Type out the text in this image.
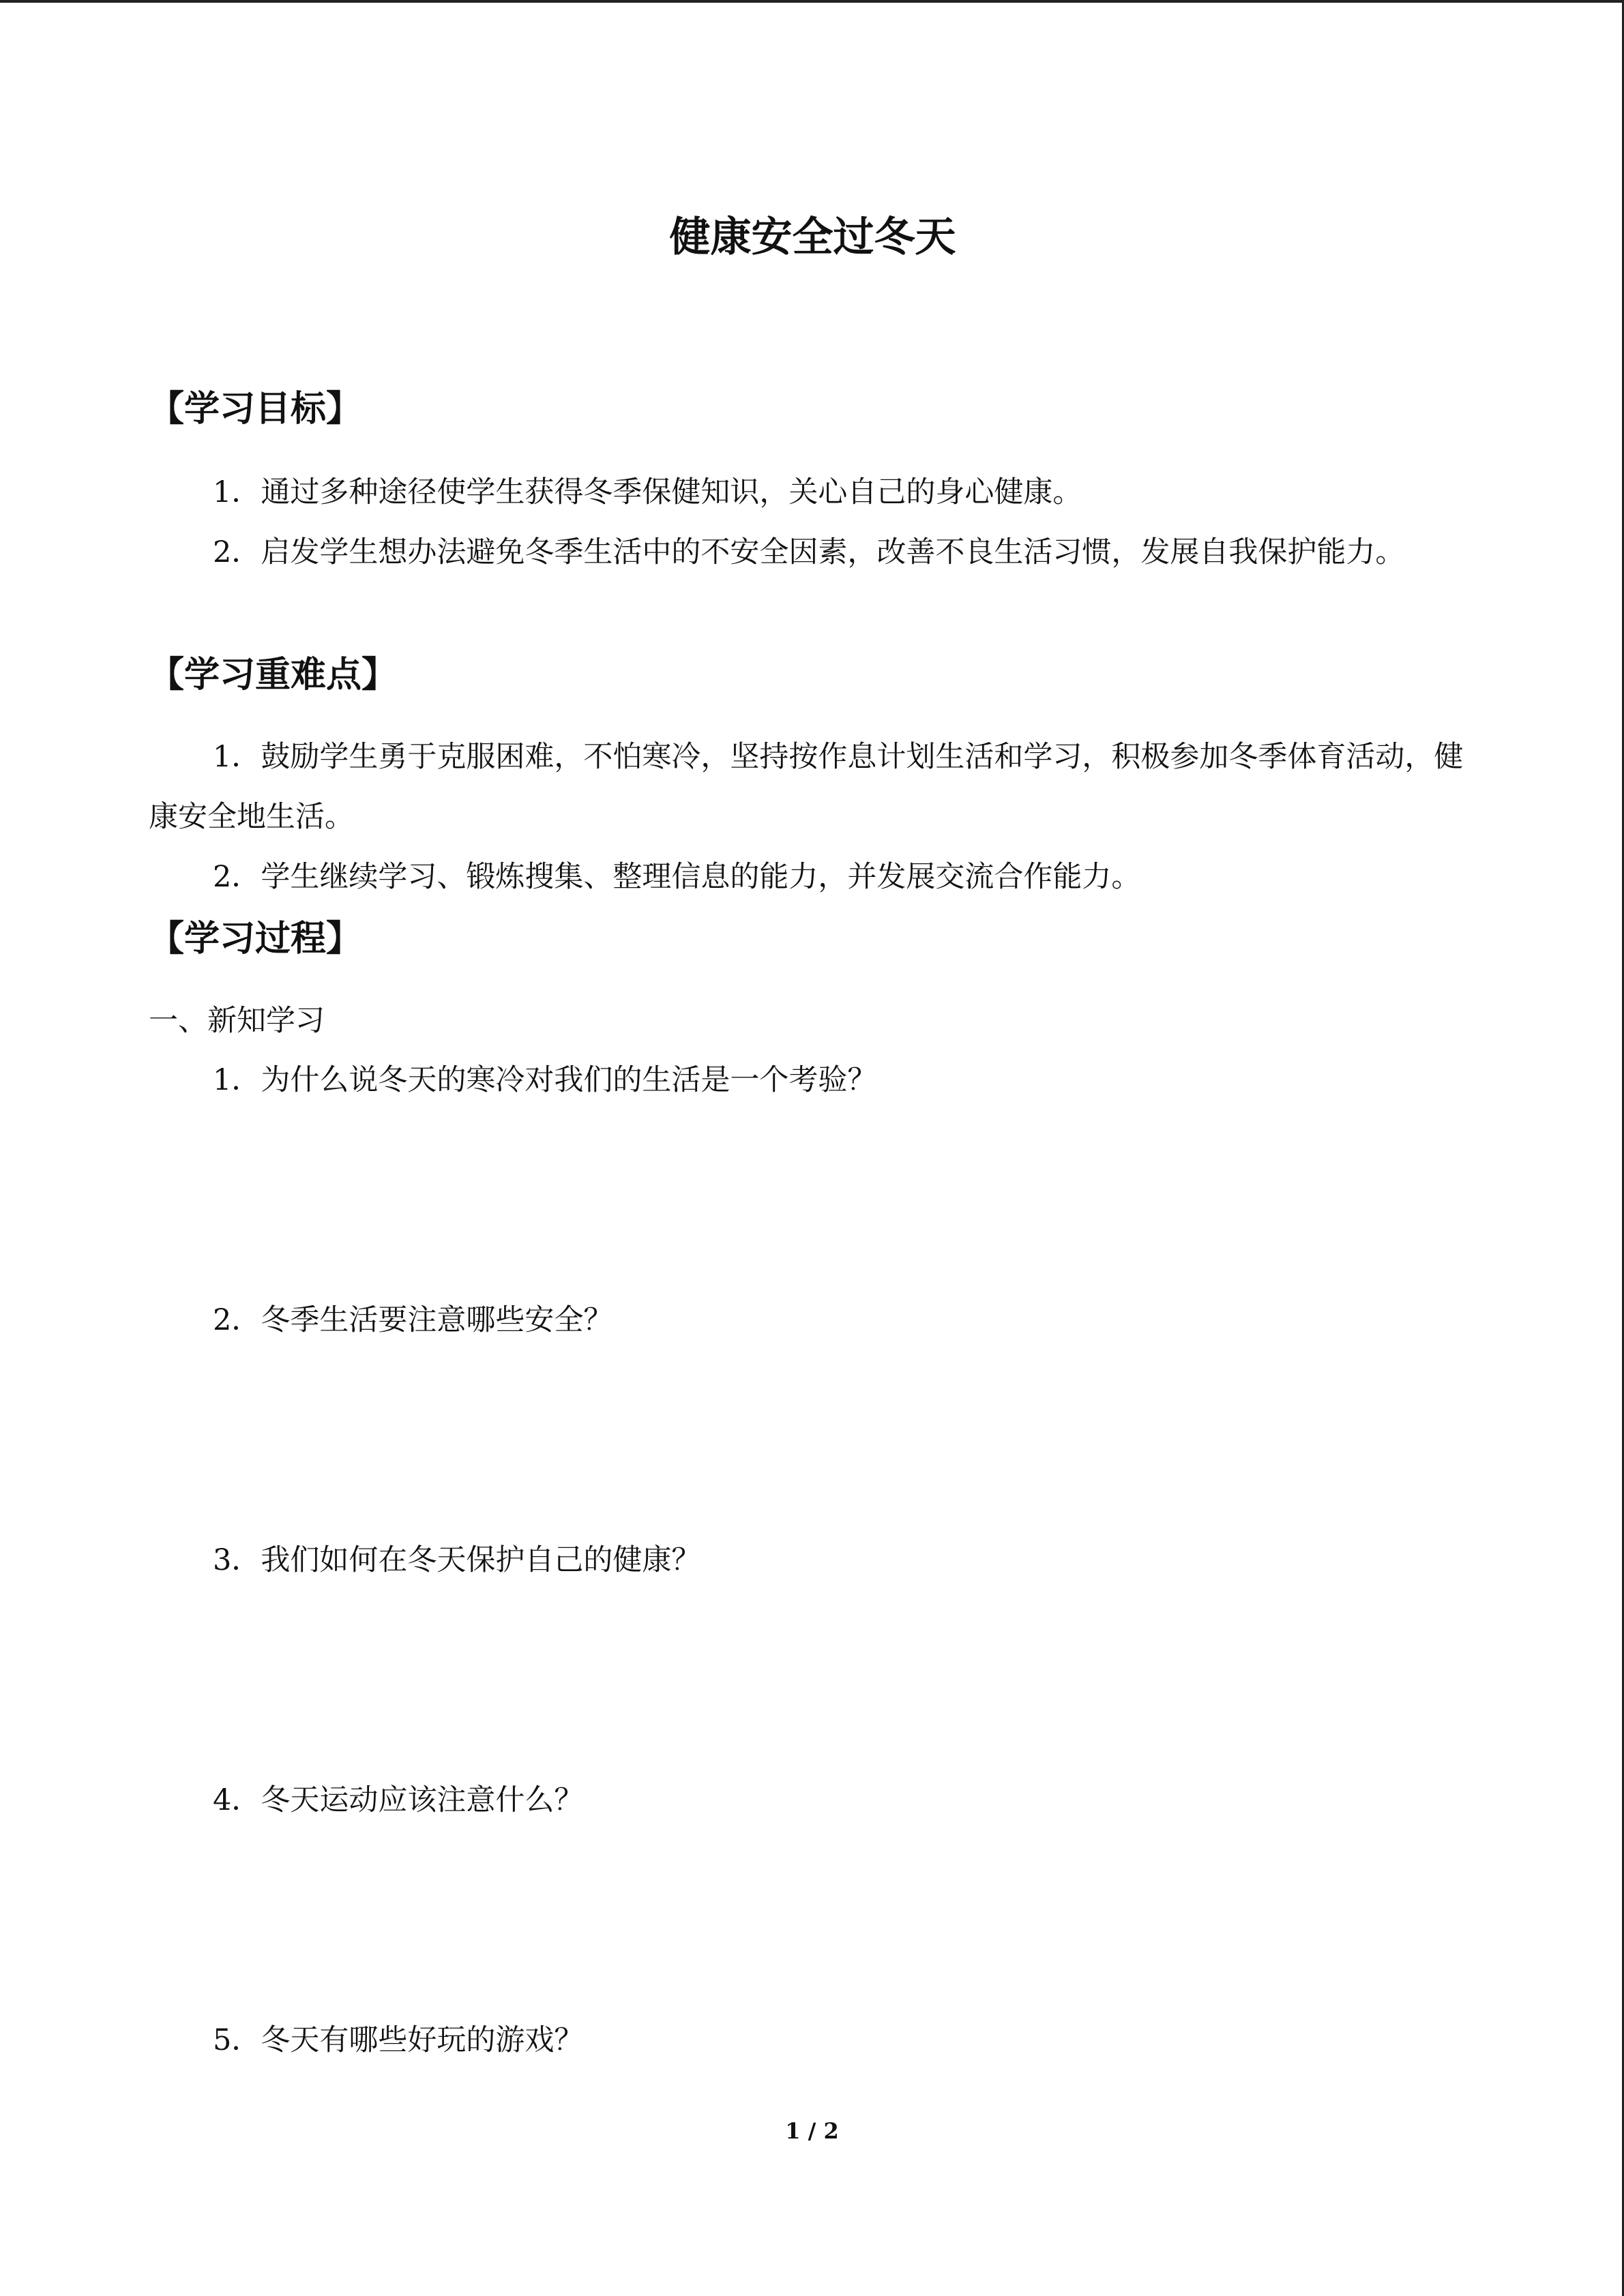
健康安全过冬天
【学习目标】

1．通过多种途径使学生获得冬季保健知识，关心自己的身心健康。

2．启发学生想办法避免冬季生活中的不安全因素，改善不良生活习惯，发展自我保护能力。

【学习重难点】

1．鼓励学生勇于克服困难，不怕寒冷，坚持按作息计划生活和学习，积极参加冬季体育活动，健康安全地生活。

2．学生继续学习、锻炼搜集、整理信息的能力，并发展交流合作能力。

【学习过程】

一、新知学习

1．为什么说冬天的寒冷对我们的生活是一个考验？

2．冬季生活要注意哪些安全？

3．我们如何在冬天保护自己的健康？

4．冬天运动应该注意什么？

5．冬天有哪些好玩的游戏？

1 / 2
